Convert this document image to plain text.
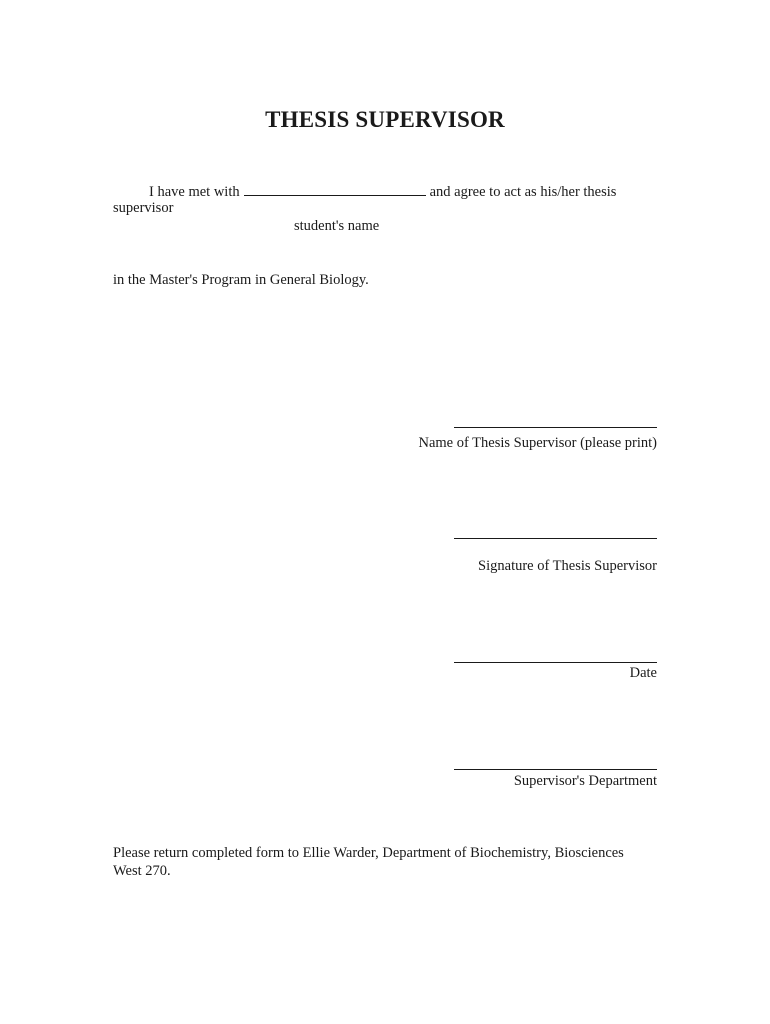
THESIS SUPERVISOR
I have met with	and agree to act as his/her thesis
supervisor
student's name
in the Master's Program in General Biology.
Name of Thesis Supervisor (please print)
Signature of Thesis Supervisor
Date
Supervisor's Department
Please return completed form to Ellie Warder, Department of Biochemistry, Biosciences
West 270.
